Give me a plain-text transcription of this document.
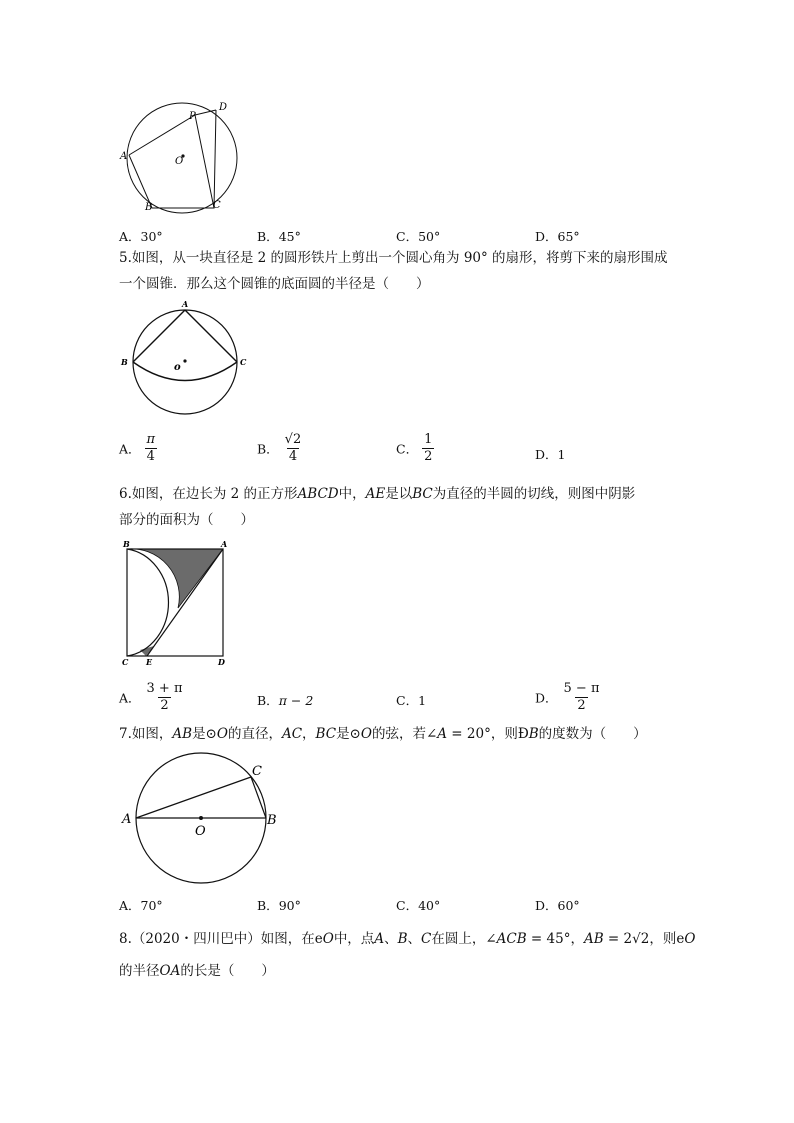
A
B	C
D
P
O
A．30°	B．45°	C．50°	D．65°
5.如图，从一块直径是 2 的圆形铁片上剪出一个圆心角为 90° 的扇形，将剪下来的扇形围成
一个圆锥．那么这个圆锥的底面圆的半径是（　　）
A
B	C
o
A． $\frac{\pi}{4}$	B． $\frac{√2}{4}$	C． $\frac{1}{2}$	D．1
6.如图，在边长为 2 的正方形ABCD中，AE是以BC为直径的半圆的切线，则图中阴影
部分的面积为（　　）
B	A
C E	D
A． $\frac{3 + \pi}{2}$	B．π − 2	C．1	D． $\frac{5 - \pi}{2}$
7.如图，AB是⊙O的直径，AC，BC是⊙O的弦，若∠A = 20°，则ÐB的度数为（　　）
A	B
C
O
A．70°	B．90°	C．40°	D．60°
8.（2020・四川巴中）如图，在eO中，点A、B、C在圆上，∠ACB = 45°，AB = 2√2，则eO
的半径OA的长是（　　）
